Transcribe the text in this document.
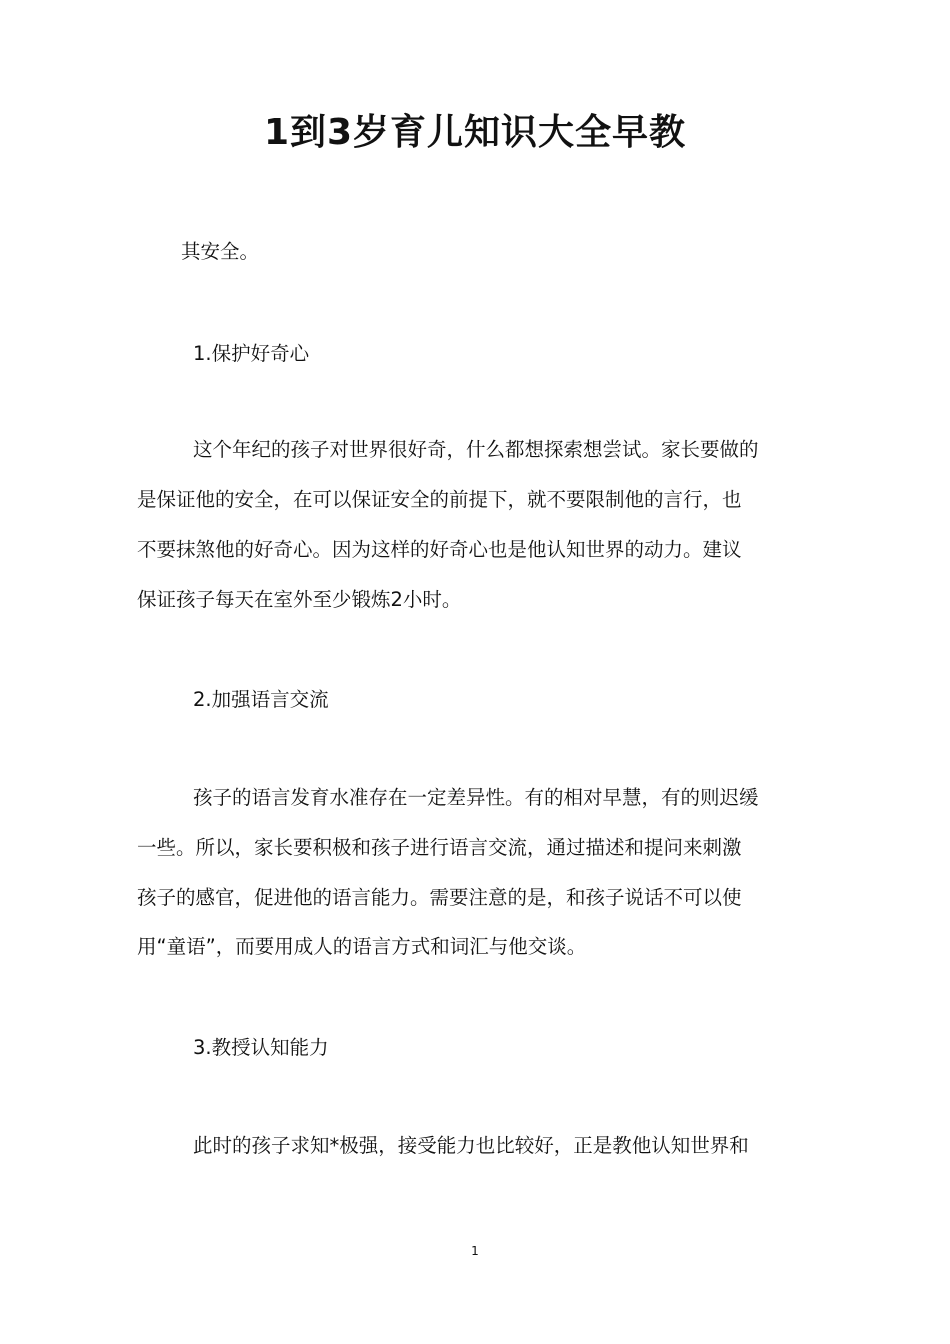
1到3岁育儿知识大全早教

其安全。

1.保护好奇心

这个年纪的孩子对世界很好奇，什么都想探索想尝试。家长要做的

是保证他的安全，在可以保证安全的前提下，就不要限制他的言行，也

不要抹煞他的好奇心。因为这样的好奇心也是他认知世界的动力。建议

保证孩子每天在室外至少锻炼2小时。

2.加强语言交流

孩子的语言发育水准存在一定差异性。有的相对早慧，有的则迟缓

一些。所以，家长要积极和孩子进行语言交流，通过描述和提问来刺激

孩子的感官，促进他的语言能力。需要注意的是，和孩子说话不可以使

用“童语”，而要用成人的语言方式和词汇与他交谈。

3.教授认知能力

此时的孩子求知*极强，接受能力也比较好，正是教他认知世界和

1
